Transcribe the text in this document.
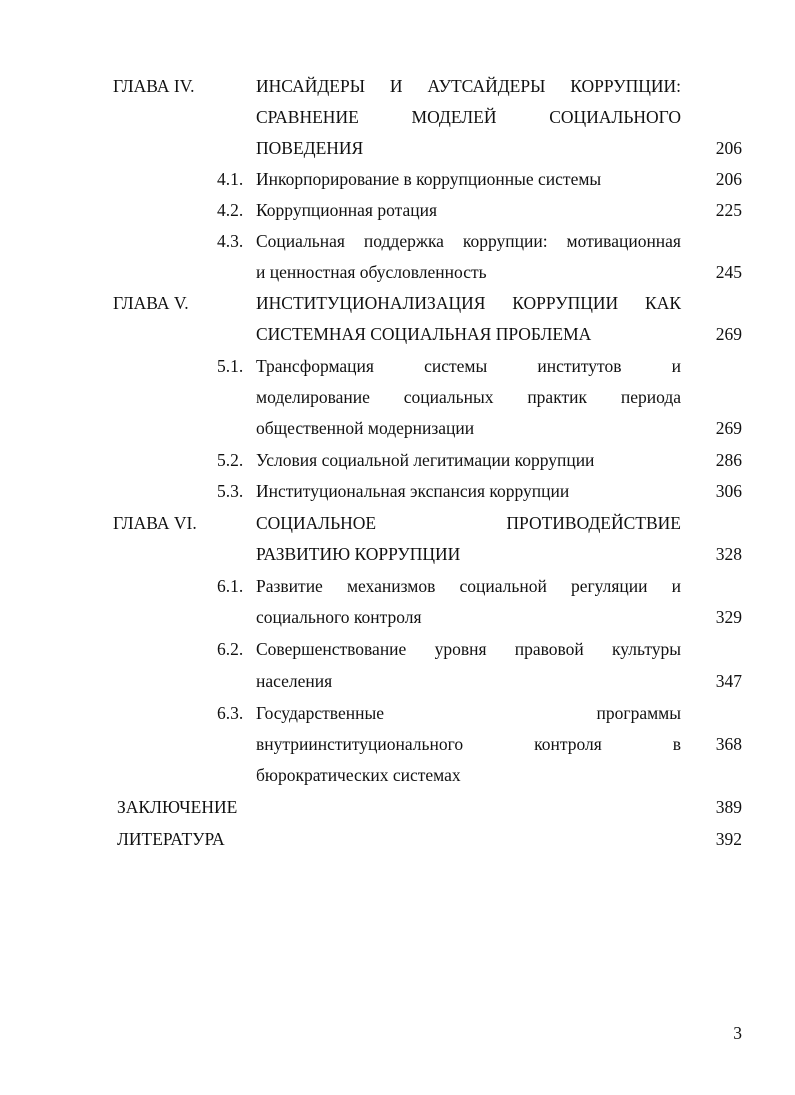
ГЛАВА IV.	ИНСАЙДЕРЫ И АУТСАЙДЕРЫ КОРРУПЦИИ:
СРАВНЕНИЕ МОДЕЛЕЙ СОЦИАЛЬНОГО
ПОВЕДЕНИЯ	206
4.1. Инкорпорирование в коррупционные системы	206
4.2. Коррупционная ротация	225
4.3. Социальная поддержка коррупции: мотивационная
и ценностная обусловленность	245
ГЛАВА V.	ИНСТИТУЦИОНАЛИЗАЦИЯ КОРРУПЦИИ КАК
СИСТЕМНАЯ СОЦИАЛЬНАЯ ПРОБЛЕМА	269
5.1. Трансформация системы институтов и
моделирование социальных практик периода
общественной модернизации	269
5.2. Условия социальной легитимации коррупции	286
5.3. Институциональная экспансия коррупции	306
ГЛАВА VI.	СОЦИАЛЬНОЕ ПРОТИВОДЕЙСТВИЕ
РАЗВИТИЮ КОРРУПЦИИ	328
6.1. Развитие механизмов социальной регуляции и
социального контроля	329
6.2. Совершенствование уровня правовой культуры
населения	347
6.3. Государственные программы
внутриинституционального контроля в	368
бюрократических системах
ЗАКЛЮЧЕНИЕ	389
ЛИТЕРАТУРА	392
3
